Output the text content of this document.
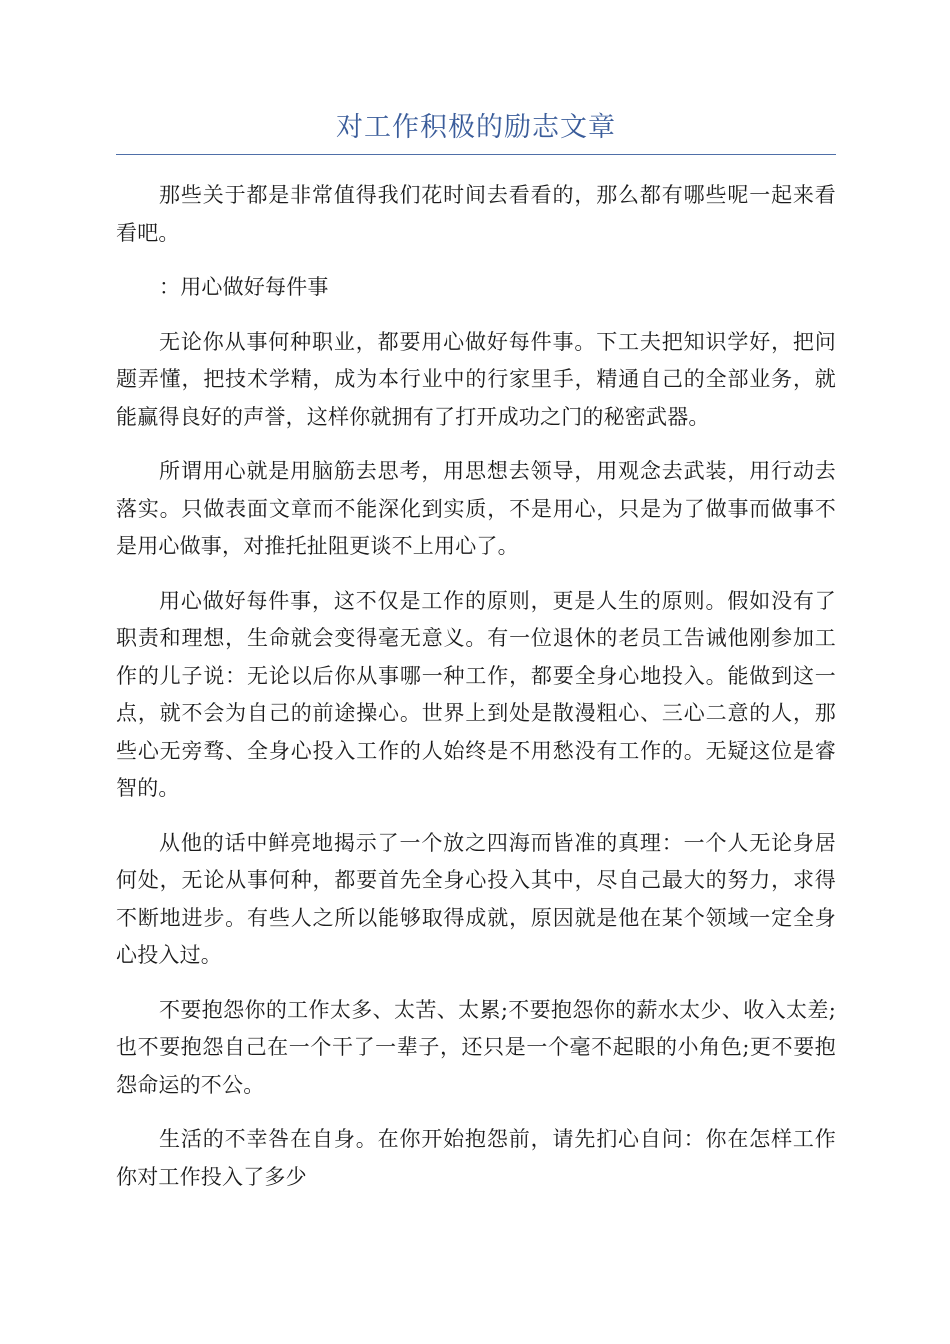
对工作积极的励志文章

那些关于都是非常值得我们花时间去看看的，那么都有哪些呢一起来看看吧。

：用心做好每件事

无论你从事何种职业，都要用心做好每件事。下工夫把知识学好，把问题弄懂，把技术学精，成为本行业中的行家里手，精通自己的全部业务，就能赢得良好的声誉，这样你就拥有了打开成功之门的秘密武器。

所谓用心就是用脑筋去思考，用思想去领导，用观念去武装，用行动去落实。只做表面文章而不能深化到实质，不是用心，只是为了做事而做事不是用心做事，对推托扯阻更谈不上用心了。

用心做好每件事，这不仅是工作的原则，更是人生的原则。假如没有了职责和理想，生命就会变得毫无意义。有一位退休的老员工告诫他刚参加工作的儿子说：无论以后你从事哪一种工作，都要全身心地投入。能做到这一点，就不会为自己的前途操心。世界上到处是散漫粗心、三心二意的人，那些心无旁骛、全身心投入工作的人始终是不用愁没有工作的。无疑这位是睿智的。

从他的话中鲜亮地揭示了一个放之四海而皆准的真理：一个人无论身居何处，无论从事何种，都要首先全身心投入其中，尽自己最大的努力，求得不断地进步。有些人之所以能够取得成就，原因就是他在某个领域一定全身心投入过。

不要抱怨你的工作太多、太苦、太累;不要抱怨你的薪水太少、收入太差;也不要抱怨自己在一个干了一辈子，还只是一个毫不起眼的小角色;更不要抱怨命运的不公。

生活的不幸咎在自身。在你开始抱怨前，请先扪心自问：你在怎样工作你对工作投入了多少
